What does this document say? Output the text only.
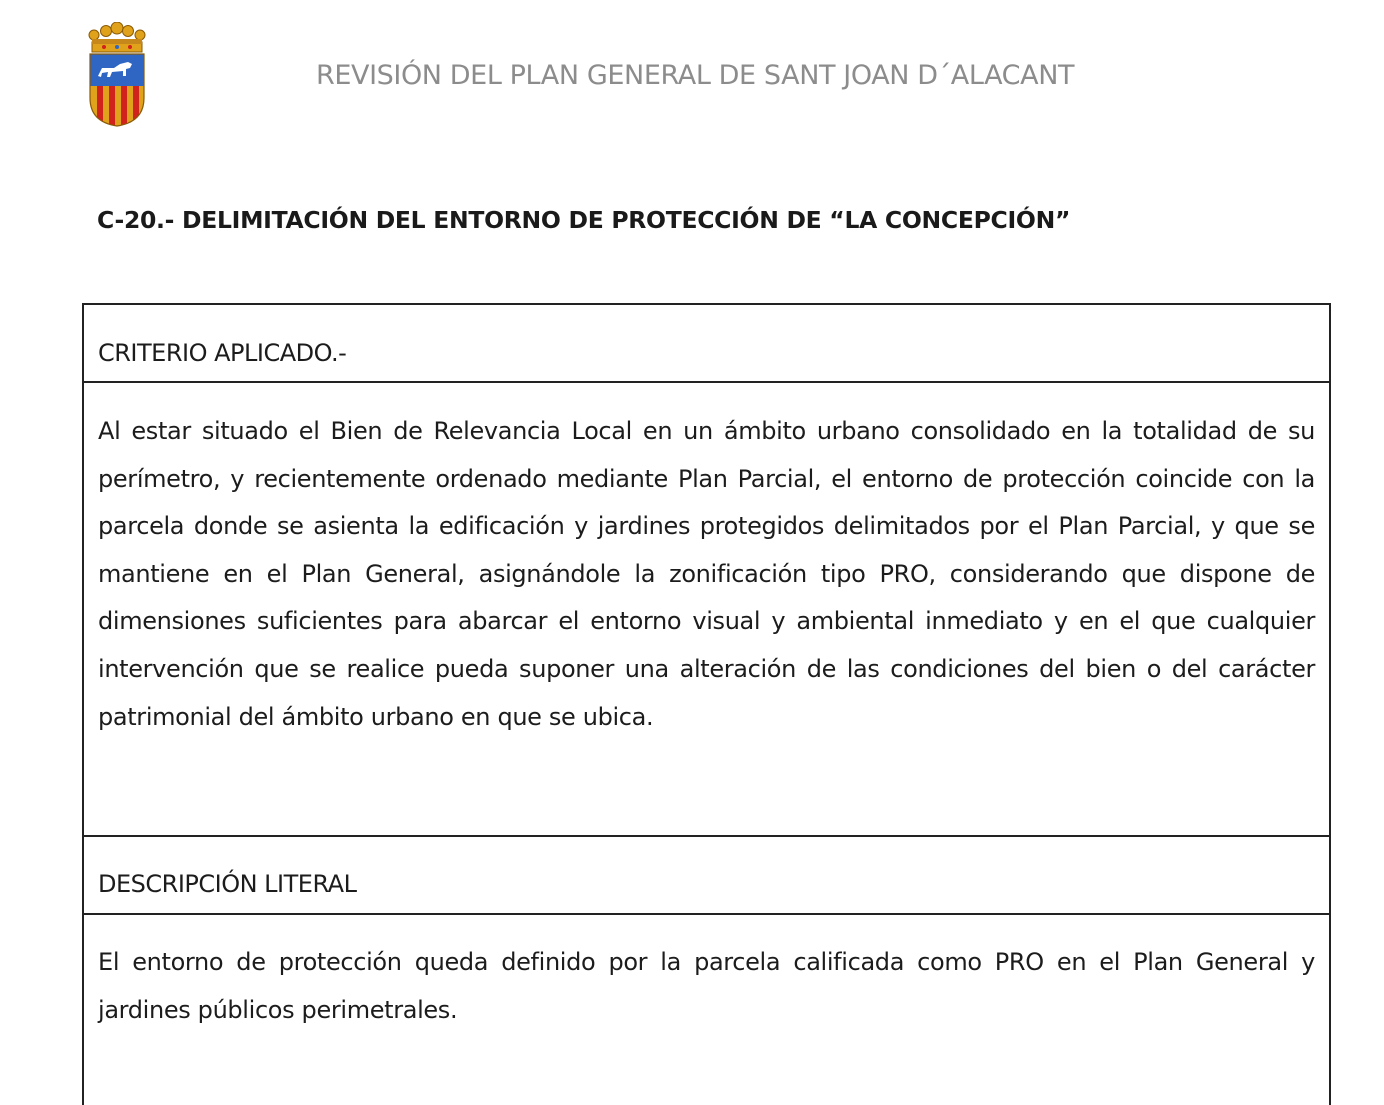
REVISIÓN DEL PLAN GENERAL DE SANT JOAN D´ALACANT
C-20.- DELIMITACIÓN DEL ENTORNO DE PROTECCIÓN DE “LA CONCEPCIÓN”
CRITERIO APLICADO.-
Al estar situado el Bien de Relevancia Local en un ámbito urbano consolidado en la totalidad de su perímetro, y recientemente ordenado mediante Plan Parcial, el entorno de protección coincide con la parcela donde se asienta la edificación y jardines protegidos delimitados por el Plan Parcial, y que se mantiene en el Plan General, asignándole la zonificación tipo PRO, considerando que dispone de dimensiones suficientes para abarcar el entorno visual y ambiental inmediato y en el que cualquier intervención que se realice pueda suponer una alteración de las condiciones del bien o del carácter patrimonial del ámbito urbano en que se ubica.
DESCRIPCIÓN LITERAL
El entorno de protección queda definido por la parcela calificada como PRO en el Plan General y jardines públicos perimetrales.
